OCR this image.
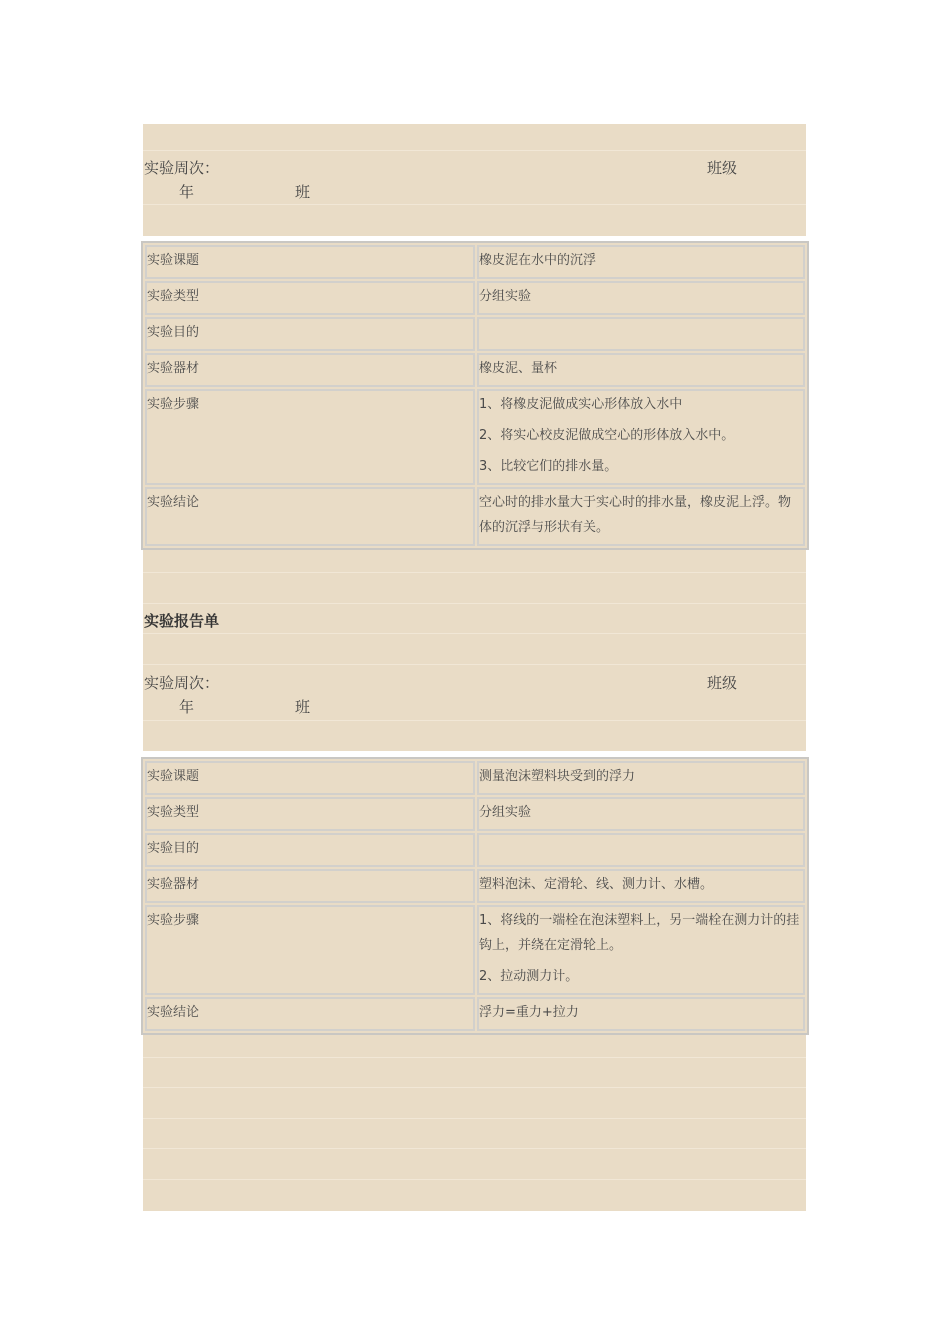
实验周次：	班级
年	班
实验课题	橡皮泥在水中的沉浮

实验类型	分组实验

实验目的	
实验器材	橡皮泥、量杯

实验步骤	1、将橡皮泥做成实心形体放入水中
2、将实心校皮泥做成空心的形体放入水中。
3、比较它们的排水量。

实验结论	空心时的排水量大于实心时的排水量，橡皮泥上浮。物体的沉浮与形状有关。
实验报告单
实验周次：	班级
年	班
实验课题	测量泡沫塑料块受到的浮力

实验类型	分组实验

实验目的	
实验器材	塑料泡沫、定滑轮、线、测力计、水槽。

实验步骤	1、将线的一端栓在泡沫塑料上，另一端栓在测力计的挂钩上，并绕在定滑轮上。
2、拉动测力计。

实验结论	浮力=重力+拉力
